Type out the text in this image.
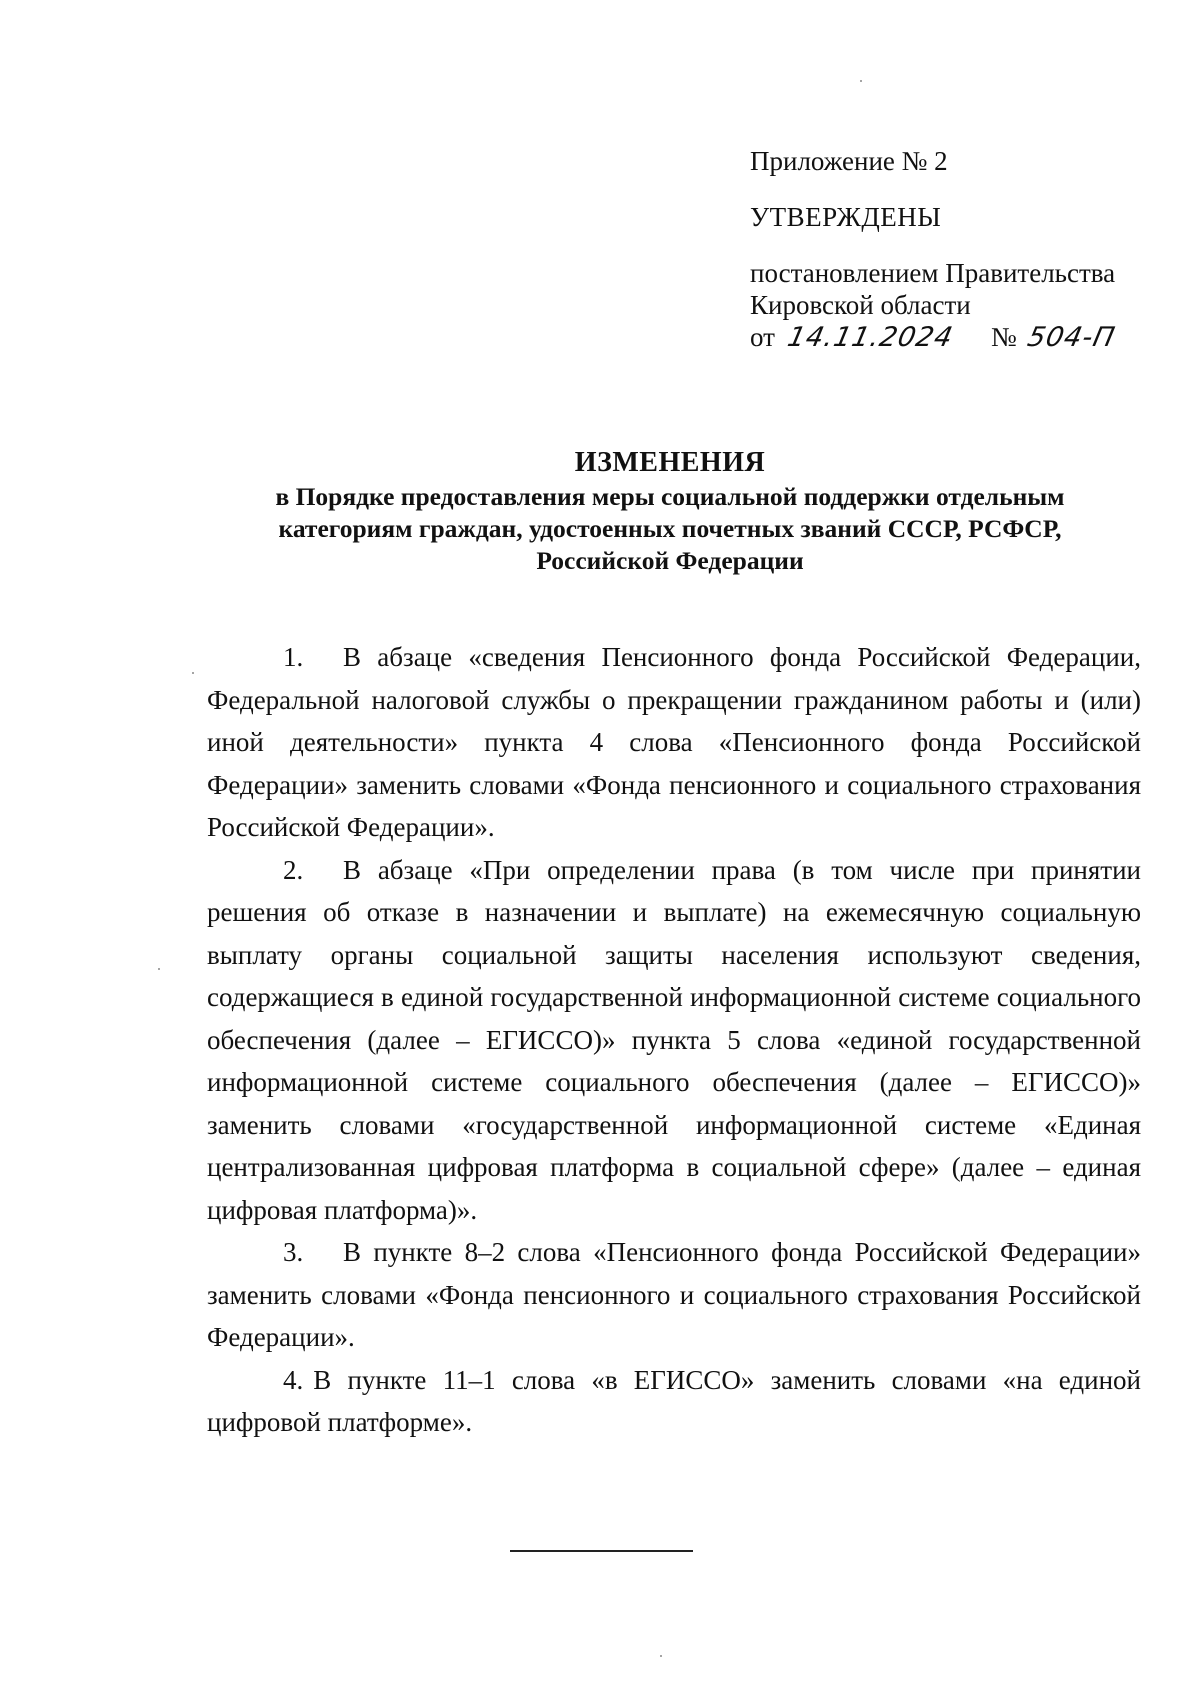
Приложение № 2
УТВЕРЖДЕНЫ
постановлением Правительства
Кировской области
от 14.11.2024 № 504-П
ИЗМЕНЕНИЯ
в Порядке предоставления меры социальной поддержки отдельным
категориям граждан, удостоенных почетных званий СССР, РСФСР,
Российской Федерации

1. В абзаце «сведения Пенсионного фонда Российской Федерации, Федеральной налоговой службы о прекращении гражданином работы и (или) иной деятельности» пункта 4 слова «Пенсионного фонда Российской Федерации» заменить словами «Фонда пенсионного и социального страхования Российской Федерации».

2. В абзаце «При определении права (в том числе при принятии решения об отказе в назначении и выплате) на ежемесячную социальную выплату органы социальной защиты населения используют сведения, содержащиеся в единой государственной информационной системе социального обеспечения (далее – ЕГИССО)» пункта 5 слова «единой государственной информационной системе социального обеспечения (далее – ЕГИССО)» заменить словами «государственной информационной системе «Единая централизованная цифровая платформа в социальной сфере» (далее – единая цифровая платформа)».

3. В пункте 8–2 слова «Пенсионного фонда Российской Федерации» заменить словами «Фонда пенсионного и социального страхования Российской Федерации».

4. В пункте 11–1 слова «в ЕГИССО» заменить словами «на единой цифровой платформе».
